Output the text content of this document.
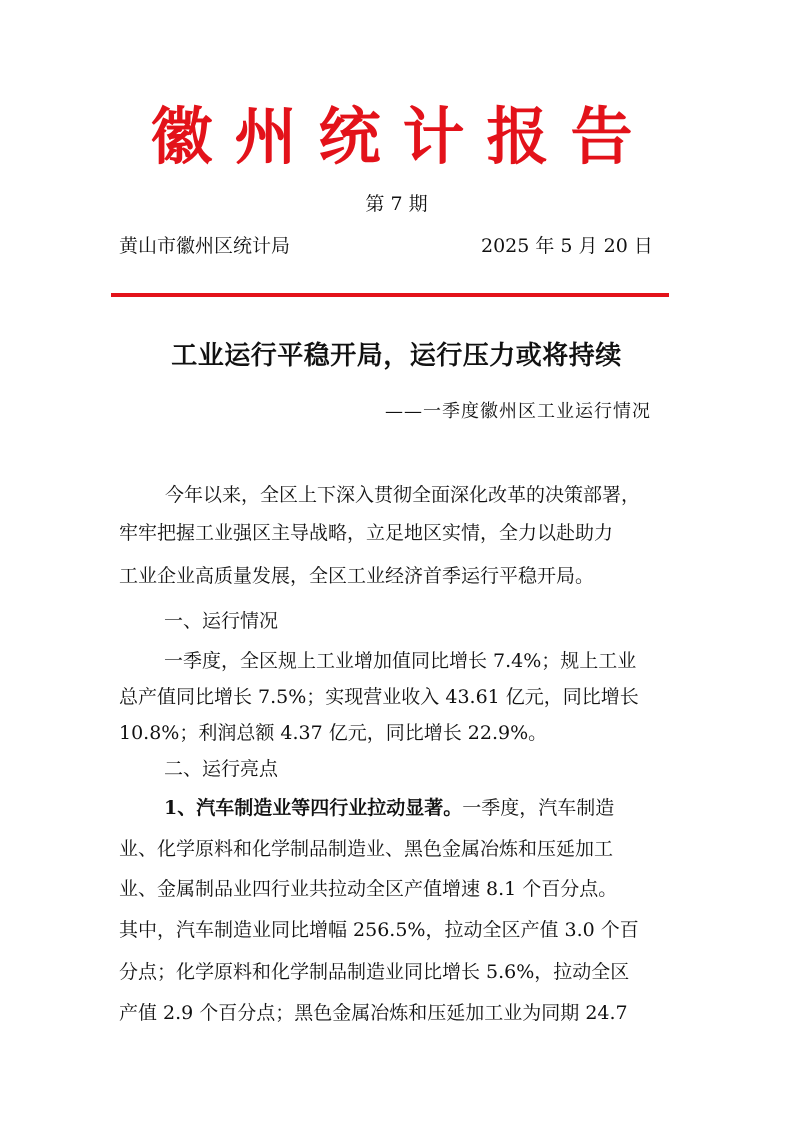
徽州统计报告
第 7 期
黄山市徽州区统计局	2025 年 5 月 20 日
工业运行平稳开局，运行压力或将持续
——一季度徽州区工业运行情况
今年以来，全区上下深入贯彻全面深化改革的决策部署，
牢牢把握工业强区主导战略，立足地区实情，全力以赴助力
工业企业高质量发展，全区工业经济首季运行平稳开局。
一、运行情况
一季度，全区规上工业增加值同比增长 7.4%；规上工业
总产值同比增长 7.5%；实现营业收入 43.61 亿元，同比增长
10.8%；利润总额 4.37 亿元，同比增长 22.9%。
二、运行亮点
1、汽车制造业等四行业拉动显著。一季度，汽车制造
业、化学原料和化学制品制造业、黑色金属冶炼和压延加工
业、金属制品业四行业共拉动全区产值增速 8.1 个百分点。
其中，汽车制造业同比增幅 256.5%，拉动全区产值 3.0 个百
分点；化学原料和化学制品制造业同比增长 5.6%，拉动全区
产值 2.9 个百分点；黑色金属冶炼和压延加工业为同期 24.7
